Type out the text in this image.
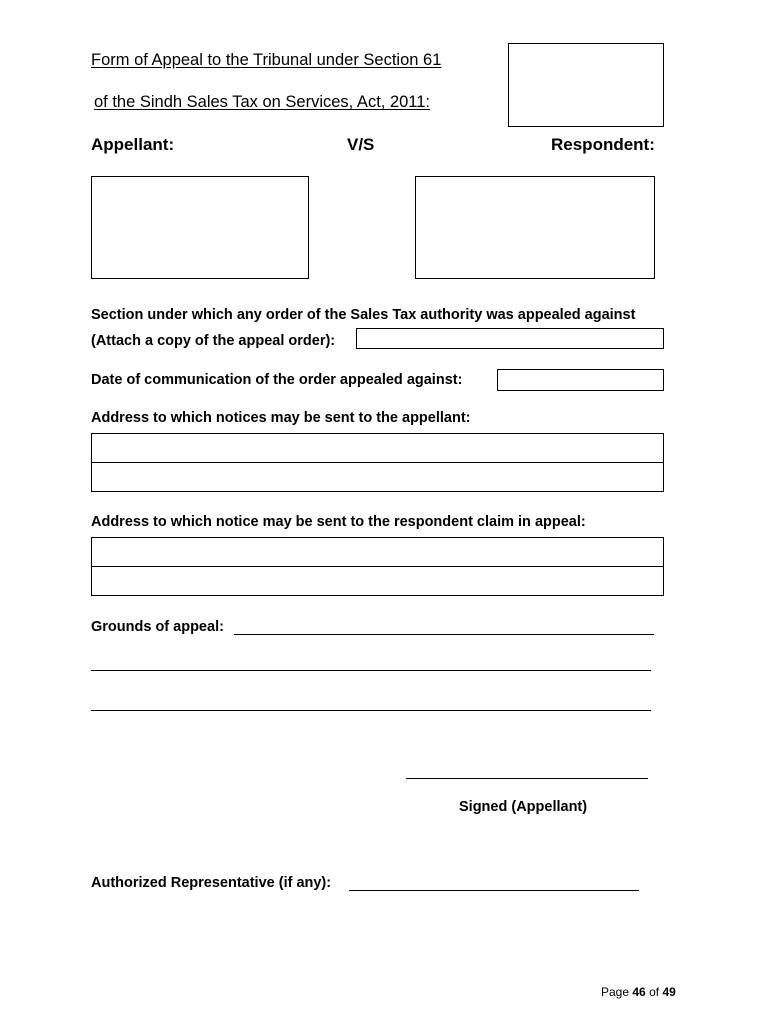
Form of Appeal to the Tribunal under Section 61
of the Sindh Sales Tax on Services, Act, 2011:
Appellant:	V/S	Respondent:
Section under which any order of the Sales Tax authority was appealed against
(Attach a copy of the appeal order):
Date of communication of the order appealed against:
Address to which notices may be sent to the appellant:
Address to which notice may be sent to the respondent claim in appeal:
Grounds of appeal:
Signed (Appellant)
Authorized Representative (if any):
Page 46 of 49
